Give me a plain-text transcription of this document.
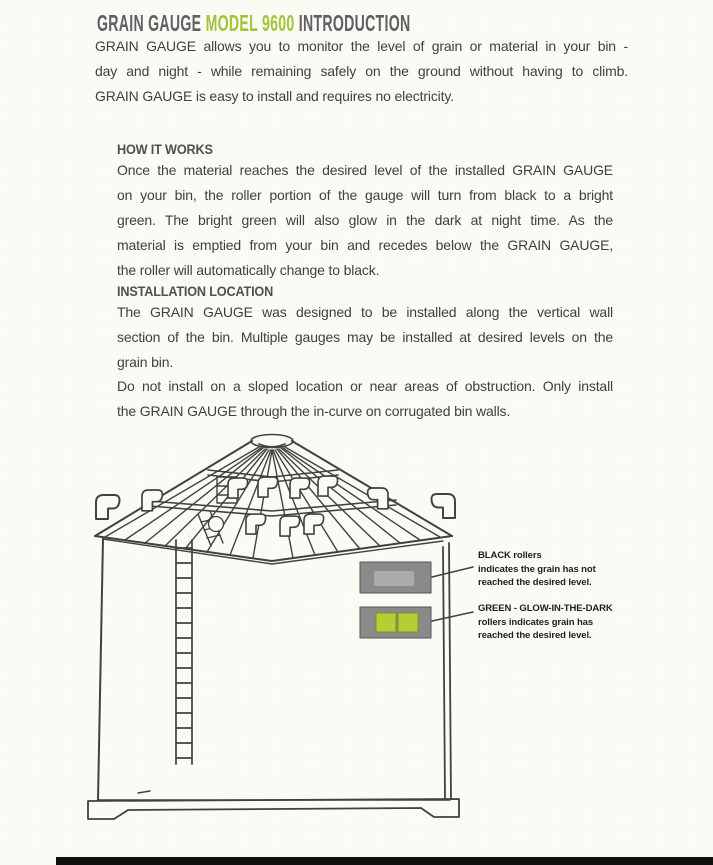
GRAIN GAUGE MODEL 9600 INTRODUCTION
GRAIN GAUGE allows you to monitor the level of grain or material in your bin -
day and night - while remaining safely on the ground without having to climb.
GRAIN GAUGE is easy to install and requires no electricity.
HOW IT WORKS
Once the material reaches the desired level of the installed GRAIN GAUGE
on your bin, the roller portion of the gauge will turn from black to a bright
green. The bright green will also glow in the dark at night time. As the
material is emptied from your bin and recedes below the GRAIN GAUGE,
the roller will automatically change to black.
INSTALLATION LOCATION
The GRAIN GAUGE was designed to be installed along the vertical wall
section of the bin. Multiple gauges may be installed at desired levels on the
grain bin.
Do not install on a sloped location or near areas of obstruction. Only install
the GRAIN GAUGE through the in-curve on corrugated bin walls.
BLACK rollers
indicates the grain has not
reached the desired level.
GREEN - GLOW-IN-THE-DARK
rollers indicates grain has
reached the desired level.
